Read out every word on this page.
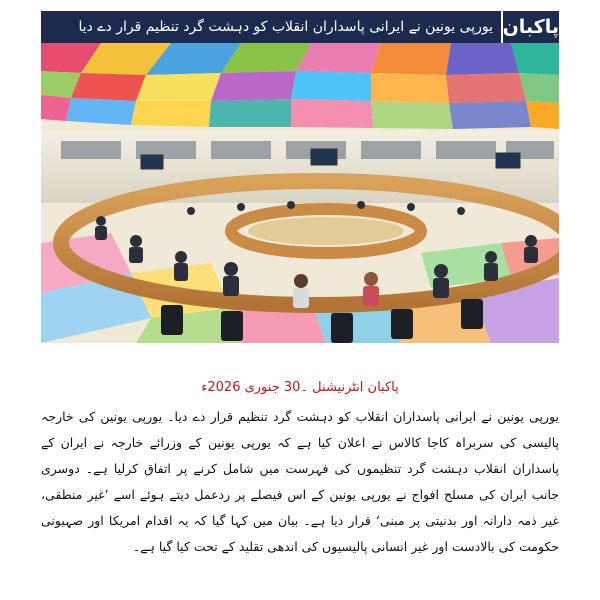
یورپی یونین نے ایرانی پاسداران انقلاب کو دہشت گرد تنظیم قرار دے دیا پاکبان
پاکبان انٹرنیشنل ۔30 جنوری 2026ء
یورپی یونین نے ایرانی پاسداران انقلاب کو دہشت گرد تنظیم قرار دے دیا۔ یورپی یونین کی خارجہ پالیسی کی سربراہ کاجا کالاس نے اعلان کیا ہے کہ یورپی یونین کے وزرائے خارجہ نے ایران کے پاسداران انقلاب دہشت گرد تنظیموں کی فہرست میں شامل کرنے پر اتفاق کرلیا ہے۔ دوسری جانب ایران کی مسلح افواج نے یورپی یونین کے اس فیصلے پر ردعمل دیتے ہوئے اسے ’غیر منطقی، غیر ذمہ دارانہ اور بدنیتی پر مبنی‘ قرار دیا ہے۔ بیان میں کہا گیا کہ یہ اقدام امریکا اور صہیونی حکومت کی بالادست اور غیر انسانی پالیسیوں کی اندھی تقلید کے تحت کیا گیا ہے۔
